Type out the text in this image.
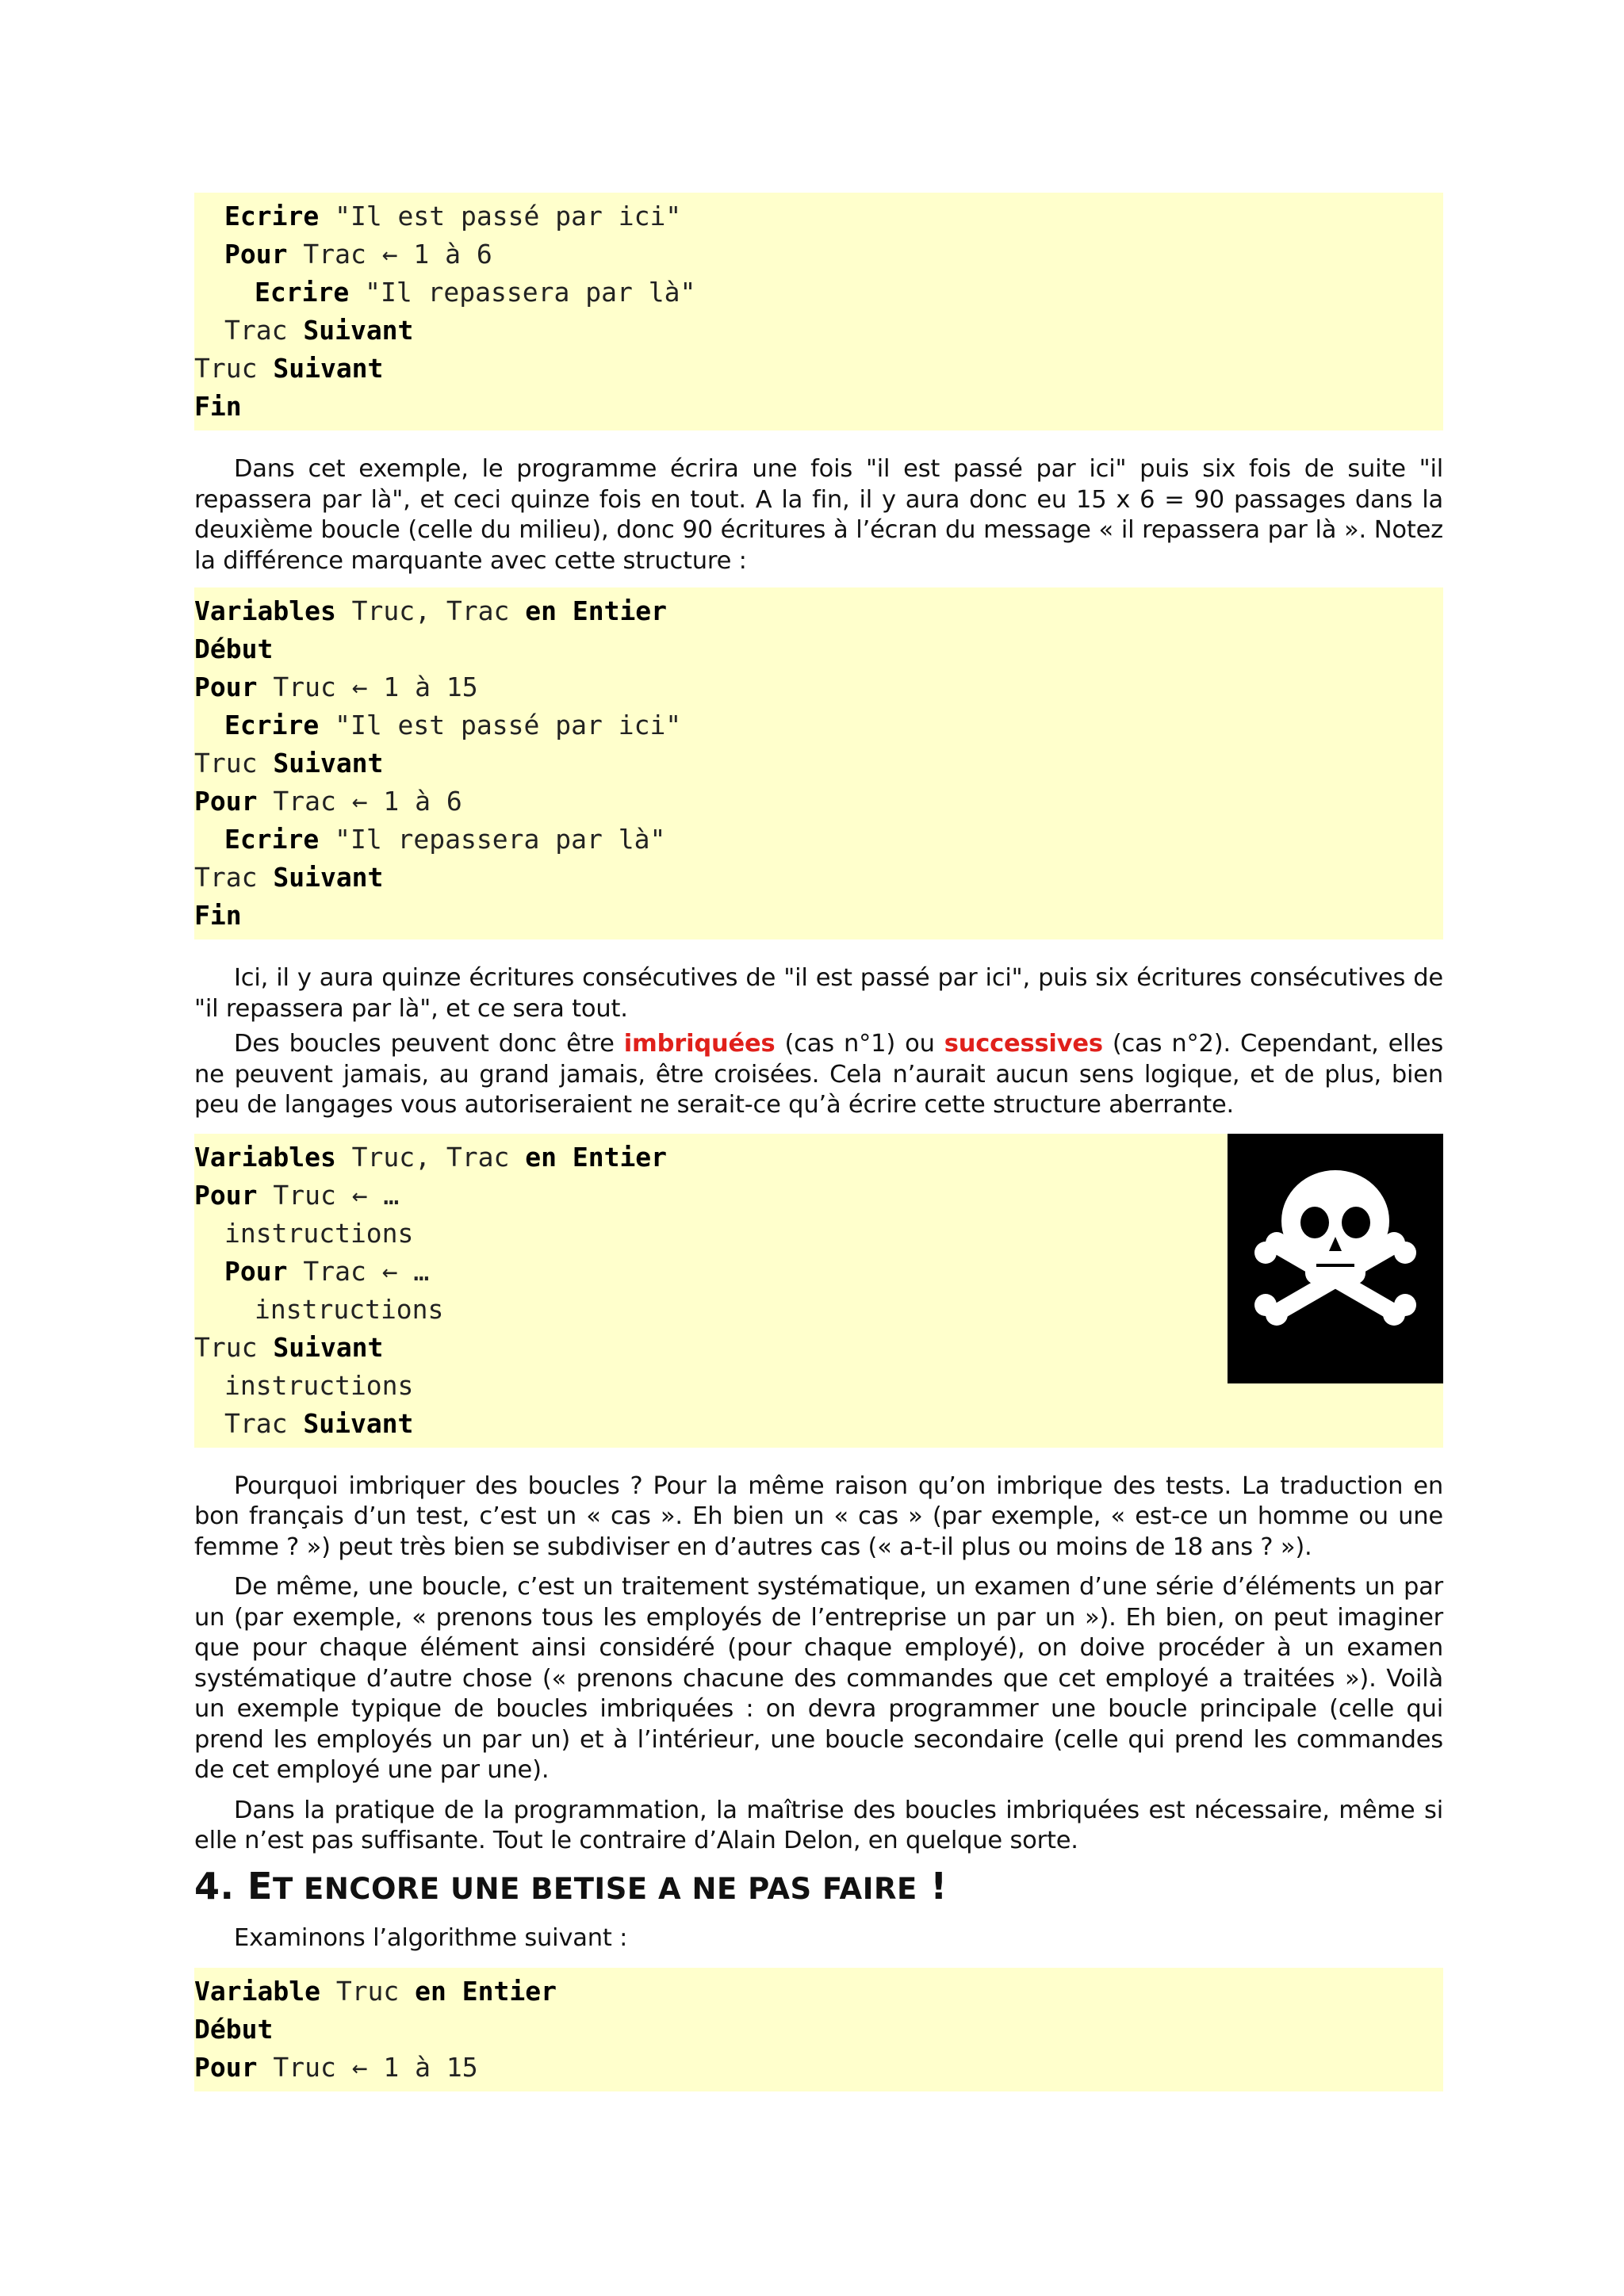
Ecrire "Il est passé par ici"
Pour Trac ← 1 à 6
Ecrire "Il repassera par là"
Trac Suivant
Truc Suivant
Fin

Dans cet exemple, le programme écrira une fois "il est passé par ici" puis six fois de suite "il repassera par là", et ceci quinze fois en tout. A la fin, il y aura donc eu 15 x 6 = 90 passages dans la deuxième boucle (celle du milieu), donc 90 écritures à l’écran du message « il repassera par là ». Notez la différence marquante avec cette structure :

Variables Truc, Trac en Entier
Début
Pour Truc ← 1 à 15
Ecrire "Il est passé par ici"
Truc Suivant
Pour Trac ← 1 à 6
Ecrire "Il repassera par là"
Trac Suivant
Fin

Ici, il y aura quinze écritures consécutives de "il est passé par ici", puis six écritures consécutives de "il repassera par là", et ce sera tout.

Des boucles peuvent donc être imbriquées (cas n°1) ou successives (cas n°2). Cependant, elles ne peuvent jamais, au grand jamais, être croisées. Cela n’aurait aucun sens logique, et de plus, bien peu de langages vous autoriseraient ne serait-ce qu’à écrire cette structure aberrante.

Variables Truc, Trac en Entier
Pour Truc ← …
instructions
Pour Trac ← …
instructions
Truc Suivant
instructions
Trac Suivant

Pourquoi imbriquer des boucles ? Pour la même raison qu’on imbrique des tests. La traduction en bon français d’un test, c’est un « cas ». Eh bien un « cas » (par exemple, « est-ce un homme ou une femme ? ») peut très bien se subdiviser en d’autres cas (« a-t-il plus ou moins de 18 ans ? »).

De même, une boucle, c’est un traitement systématique, un examen d’une série d’éléments un par un (par exemple, « prenons tous les employés de l’entreprise un par un »). Eh bien, on peut imaginer que pour chaque élément ainsi considéré (pour chaque employé), on doive procéder à un examen systématique d’autre chose (« prenons chacune des commandes que cet employé a traitées »). Voilà un exemple typique de boucles imbriquées : on devra programmer une boucle principale (celle qui prend les employés un par un) et à l’intérieur, une boucle secondaire (celle qui prend les commandes de cet employé une par une).

Dans la pratique de la programmation, la maîtrise des boucles imbriquées est nécessaire, même si elle n’est pas suffisante. Tout le contraire d’Alain Delon, en quelque sorte.

4. ET ENCORE UNE BETISE A NE PAS FAIRE !

Examinons l’algorithme suivant :

Variable Truc en Entier
Début
Pour Truc ← 1 à 15
